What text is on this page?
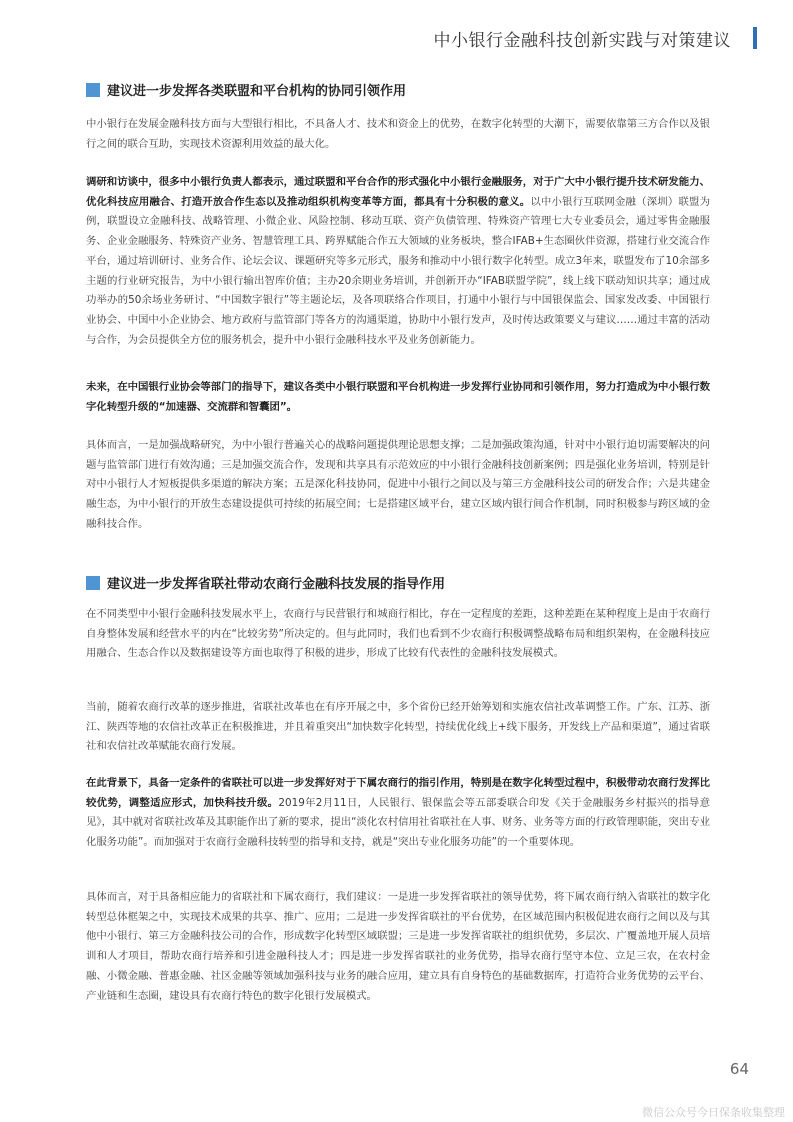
中小银行金融科技创新实践与对策建议
建议进一步发挥各类联盟和平台机构的协同引领作用

中小银行在发展金融科技方面与大型银行相比，不具备人才、技术和资金上的优势，在数字化转型的大潮下，需要依靠第三方合作以及银行之间的联合互助，实现技术资源利用效益的最大化。

调研和访谈中，很多中小银行负责人都表示，通过联盟和平台合作的形式强化中小银行金融服务，对于广大中小银行提升技术研发能力、优化科技应用融合、打造开放合作生态以及推动组织机构变革等方面，都具有十分积极的意义。以中小银行互联网金融（深圳）联盟为例，联盟设立金融科技、战略管理、小微企业、风险控制、移动互联、资产负债管理、特殊资产管理七大专业委员会，通过零售金融服务、企业金融服务、特殊资产业务、智慧管理工具、跨界赋能合作五大领域的业务板块，整合IFAB+生态圈伙伴资源，搭建行业交流合作平台，通过培训研讨、业务合作、论坛会议、课题研究等多元形式，服务和推动中小银行数字化转型。成立3年来，联盟发布了10余部多主题的行业研究报告，为中小银行输出智库价值；主办20余期业务培训，并创新开办“IFAB联盟学院”，线上线下联动知识共享；通过成功举办的50余场业务研讨、“中国数字银行”等主题论坛，及各项联络合作项目，打通中小银行与中国银保监会、国家发改委、中国银行业协会、中国中小企业协会、地方政府与监管部门等各方的沟通渠道，协助中小银行发声，及时传达政策要义与建议……通过丰富的活动与合作，为会员提供全方位的服务机会，提升中小银行金融科技水平及业务创新能力。

未来，在中国银行业协会等部门的指导下，建议各类中小银行联盟和平台机构进一步发挥行业协同和引领作用，努力打造成为中小银行数字化转型升级的“加速器、交流群和智囊团”。

具体而言，一是加强战略研究，为中小银行普遍关心的战略问题提供理论思想支撑；二是加强政策沟通，针对中小银行迫切需要解决的问题与监管部门进行有效沟通；三是加强交流合作，发现和共享具有示范效应的中小银行金融科技创新案例；四是强化业务培训，特别是针对中小银行人才短板提供多渠道的解决方案；五是深化科技协同，促进中小银行之间以及与第三方金融科技公司的研发合作；六是共建金融生态，为中小银行的开放生态建设提供可持续的拓展空间；七是搭建区域平台，建立区域内银行间合作机制，同时积极参与跨区域的金融科技合作。

建议进一步发挥省联社带动农商行金融科技发展的指导作用

在不同类型中小银行金融科技发展水平上，农商行与民营银行和城商行相比，存在一定程度的差距，这种差距在某种程度上是由于农商行自身整体发展和经营水平的内在“比较劣势”所决定的。但与此同时，我们也看到不少农商行积极调整战略布局和组织架构，在金融科技应用融合、生态合作以及数据建设等方面也取得了积极的进步，形成了比较有代表性的金融科技发展模式。

当前，随着农商行改革的逐步推进，省联社改革也在有序开展之中，多个省份已经开始筹划和实施农信社改革调整工作。广东、江苏、浙江、陕西等地的农信社改革正在积极推进，并且着重突出“加快数字化转型，持续优化线上+线下服务，开发线上产品和渠道”，通过省联社和农信社改革赋能农商行发展。

在此背景下，具备一定条件的省联社可以进一步发挥好对于下属农商行的指引作用，特别是在数字化转型过程中，积极带动农商行发挥比较优势，调整适应形式，加快科技升级。2019年2月11日，人民银行、银保监会等五部委联合印发《关于金融服务乡村振兴的指导意见》，其中就对省联社改革及其职能作出了新的要求，提出“淡化农村信用社省联社在人事、财务、业务等方面的行政管理职能，突出专业化服务功能”。而加强对于农商行金融科技转型的指导和支持，就是“突出专业化服务功能”的一个重要体现。

具体而言，对于具备相应能力的省联社和下属农商行，我们建议：一是进一步发挥省联社的领导优势，将下属农商行纳入省联社的数字化转型总体框架之中，实现技术成果的共享、推广、应用；二是进一步发挥省联社的平台优势，在区域范围内积极促进农商行之间以及与其他中小银行、第三方金融科技公司的合作，形成数字化转型区域联盟；三是进一步发挥省联社的组织优势，多层次、广覆盖地开展人员培训和人才项目，帮助农商行培养和引进金融科技人才；四是进一步发挥省联社的业务优势，指导农商行坚守本位、立足三农，在农村金融、小微金融、普惠金融、社区金融等领域加强科技与业务的融合应用，建立具有自身特色的基础数据库，打造符合业务优势的云平台、产业链和生态圈，建设具有农商行特色的数字化银行发展模式。

64
微信公众号今日保条收集整理
